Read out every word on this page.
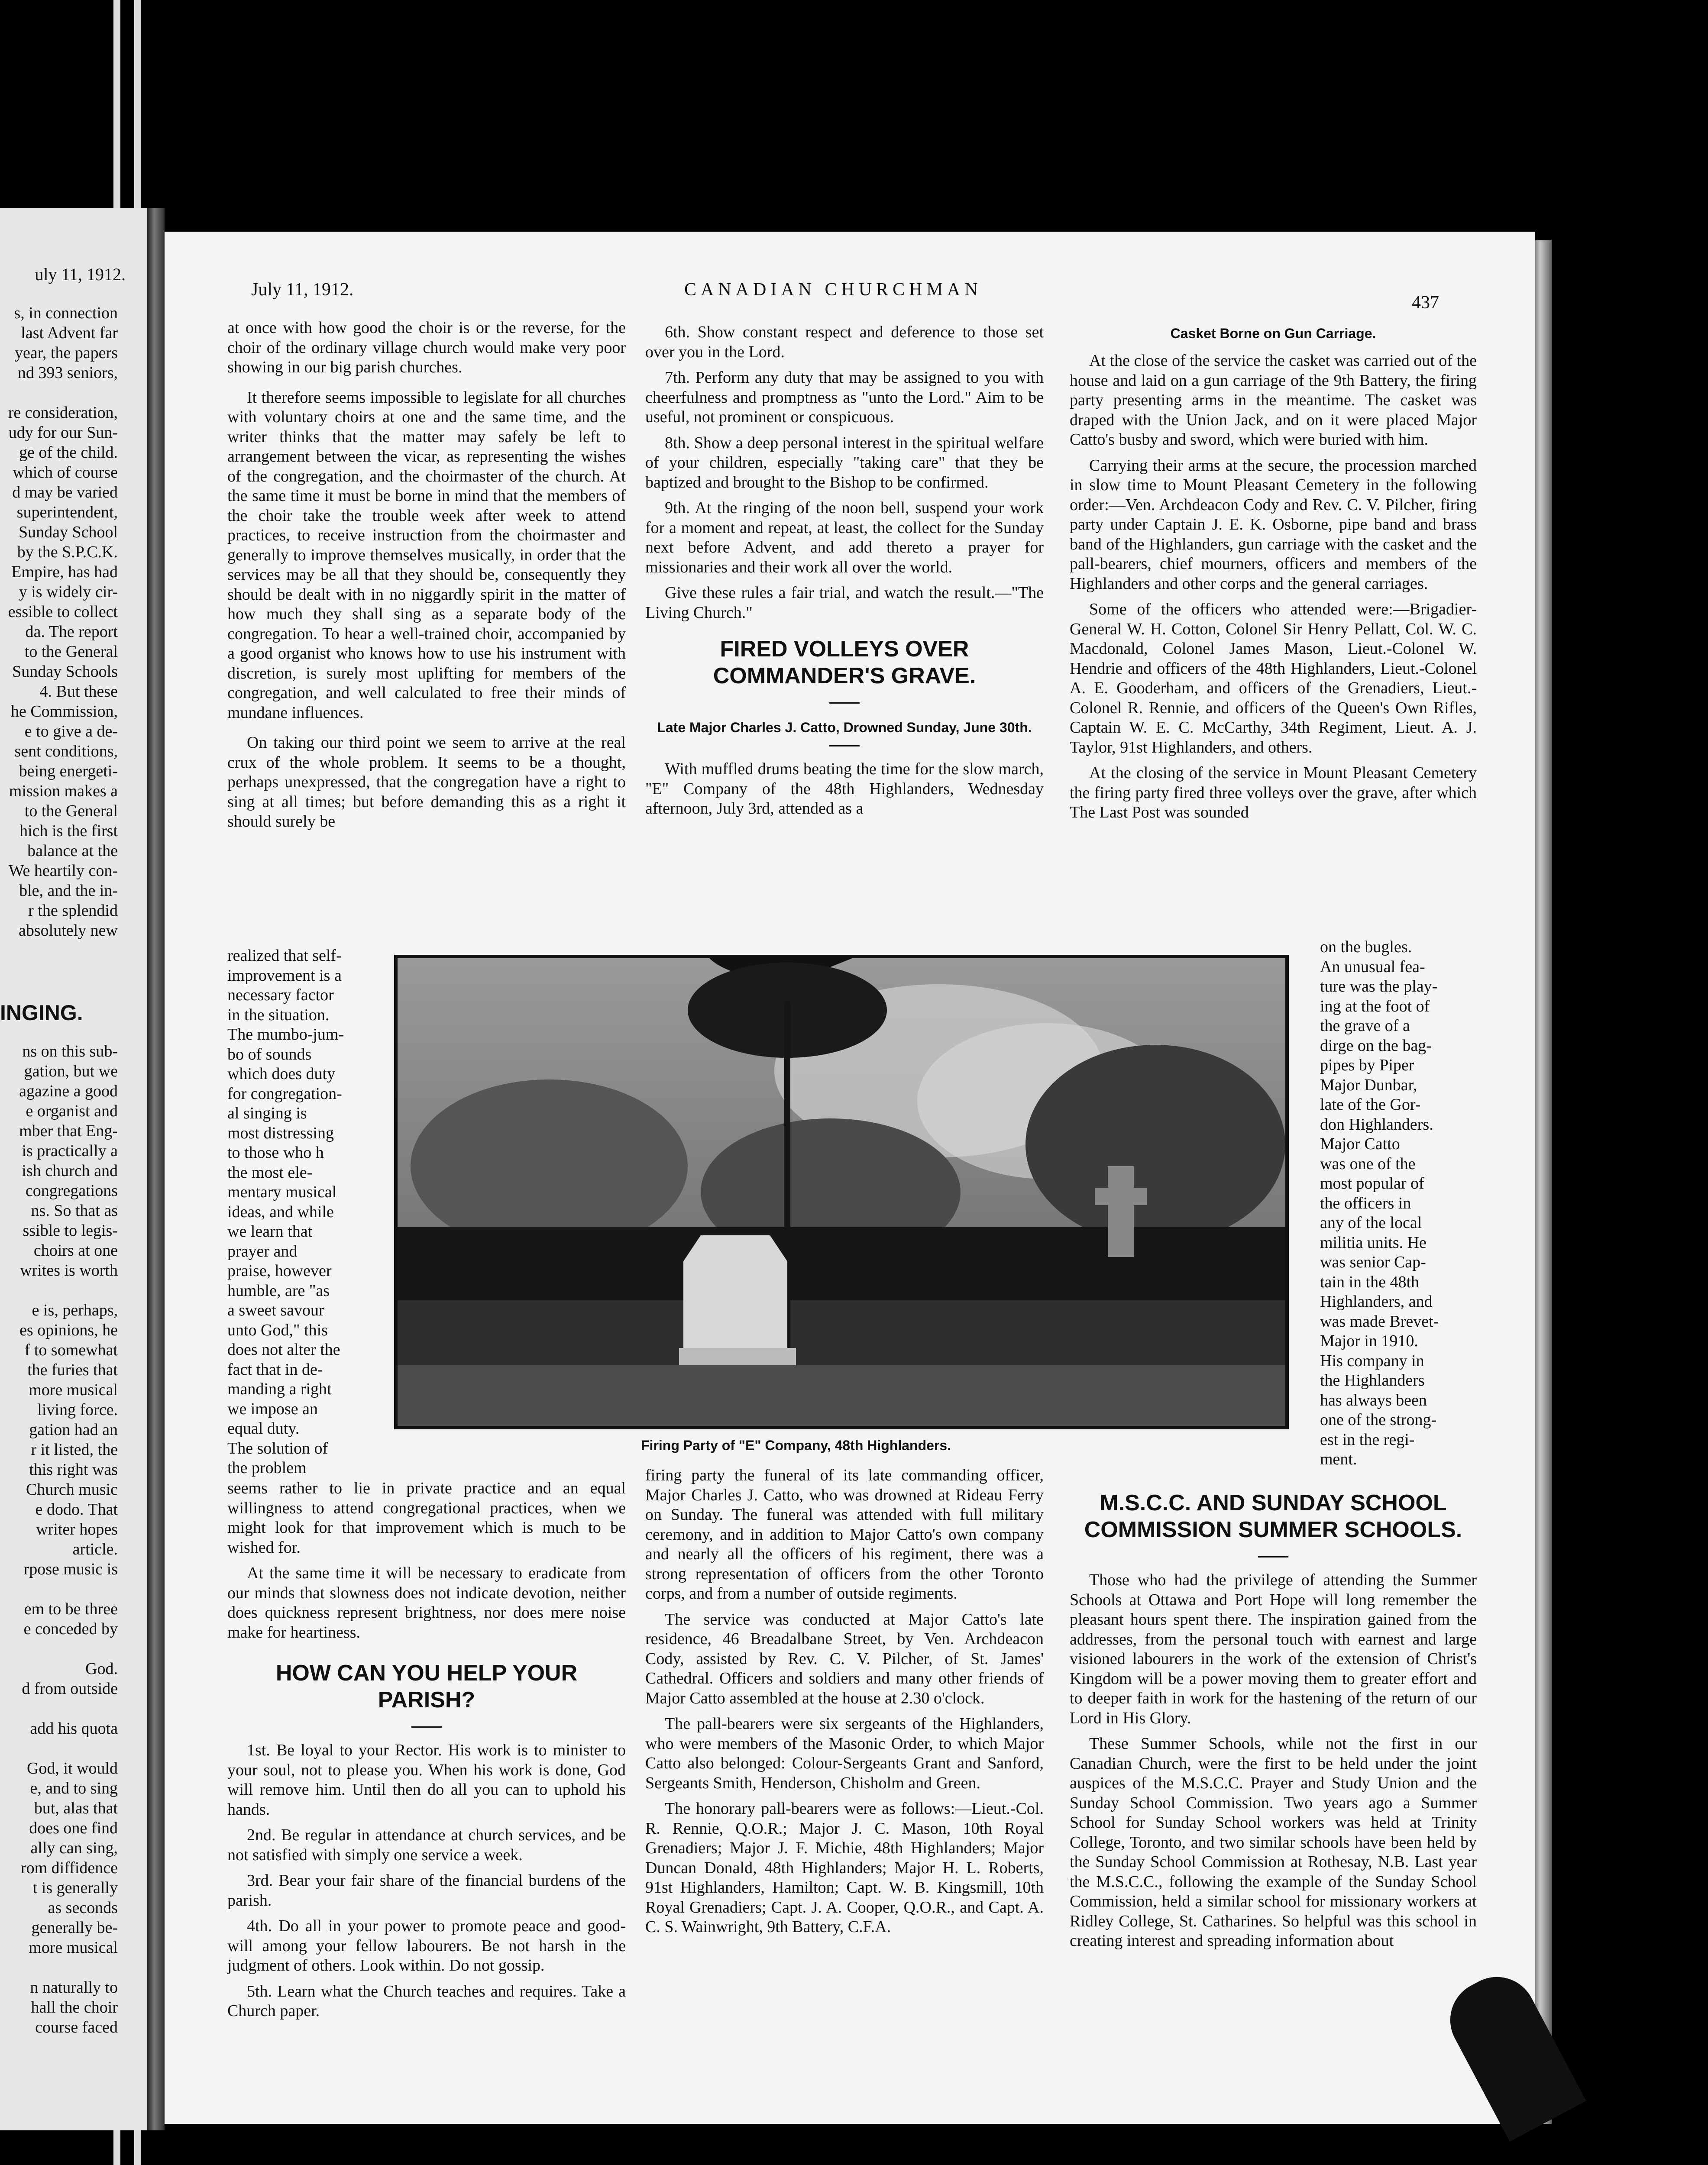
uly 11, 1912.
s, in connection
last Advent far
year, the papers
nd 393 seniors,
re consideration,
udy for our Sun-
ge of the child.
which of course
d may be varied
superintendent,
Sunday School
by the S.P.C.K.
Empire, has had
y is widely cir-
essible to collect
da. The report
to the General
Sunday Schools
4. But these
he Commission,
e to give a de-
sent conditions,
being energeti-
mission makes a
to the General
hich is the first
balance at the
We heartily con-
ble, and the in-
r the splendid
absolutely new
INGING.
ns on this sub-
gation, but we
agazine a good
e organist and
mber that Eng-
is practically a
ish church and
congregations
ns. So that as
ssible to legis-
choirs at one
writes is worth
e is, perhaps,
es opinions, he
f to somewhat
the furies that
more musical
living force.
gation had an
r it listed, the
this right was
Church music
e dodo. That
writer hopes
article.
rpose music is
em to be three
e conceded by
God.
d from outside
add his quota
God, it would
e, and to sing
but, alas that
does one find
ally can sing,
rom diffidence
t is generally
as seconds
generally be-
more musical
n naturally to
hall the choir
course faced
July 11, 1912.	CANADIAN CHURCHMAN
437

at once with how good the choir is or the reverse, for the choir of the ordinary village church would make very poor showing in our big parish churches.

It therefore seems impossible to legislate for all churches with voluntary choirs at one and the same time, and the writer thinks that the matter may safely be left to arrangement between the vicar, as representing the wishes of the congregation, and the choirmaster of the church. At the same time it must be borne in mind that the members of the choir take the trouble week after week to attend practices, to receive instruction from the choirmaster and generally to improve themselves musically, in order that the services may be all that they should be, consequently they should be dealt with in no niggardly spirit in the matter of how much they shall sing as a separate body of the congregation. To hear a well-trained choir, accompanied by a good organist who knows how to use his instrument with discretion, is surely most uplifting for members of the congregation, and well calculated to free their minds of mundane influences.

On taking our third point we seem to arrive at the real crux of the whole problem. It seems to be a thought, perhaps unexpressed, that the congregation have a right to sing at all times; but before demanding this as a right it should surely be

realized that self-
improvement is a
necessary factor
in the situation.
The mumbo-jum-
bo of sounds
which does duty
for congregation-
al singing is
most distressing
to those who h
the most ele-
mentary musical
ideas, and while
we learn that
prayer and
praise, however
humble, are "as
a sweet savour
unto God," this
does not alter the
fact that in de-
manding a right
we impose an
equal duty.
The solution of
the problem

seems rather to lie in private practice and an equal willingness to attend congregational practices, when we might look for that improvement which is much to be wished for.

At the same time it will be necessary to eradicate from our minds that slowness does not indicate devotion, neither does quickness represent brightness, nor does mere noise make for heartiness.

HOW CAN YOU HELP YOUR PARISH?

1st. Be loyal to your Rector. His work is to minister to your soul, not to please you. When his work is done, God will remove him. Until then do all you can to uphold his hands.

2nd. Be regular in attendance at church services, and be not satisfied with simply one service a week.

3rd. Bear your fair share of the financial burdens of the parish.

4th. Do all in your power to promote peace and good-will among your fellow labourers. Be not harsh in the judgment of others. Look within. Do not gossip.

5th. Learn what the Church teaches and requires. Take a Church paper.

6th. Show constant respect and deference to those set over you in the Lord.

7th. Perform any duty that may be assigned to you with cheerfulness and promptness as "unto the Lord." Aim to be useful, not prominent or conspicuous.

8th. Show a deep personal interest in the spiritual welfare of your children, especially "taking care" that they be baptized and brought to the Bishop to be confirmed.

9th. At the ringing of the noon bell, suspend your work for a moment and repeat, at least, the collect for the Sunday next before Advent, and add thereto a prayer for missionaries and their work all over the world.

Give these rules a fair trial, and watch the result.—"The Living Church."

FIRED VOLLEYS OVER COMMANDER'S GRAVE.
Late Major Charles J. Catto, Drowned Sunday, June 30th.

With muffled drums beating the time for the slow march, "E" Company of the 48th Highlanders, Wednesday afternoon, July 3rd, attended as a

firing party the funeral of its late commanding officer, Major Charles J. Catto, who was drowned at Rideau Ferry on Sunday. The funeral was attended with full military ceremony, and in addition to Major Catto's own company and nearly all the officers of his regiment, there was a strong representation of officers from the other Toronto corps, and from a number of outside regiments.

The service was conducted at Major Catto's late residence, 46 Breadalbane Street, by Ven. Archdeacon Cody, assisted by Rev. C. V. Pilcher, of St. James' Cathedral. Officers and soldiers and many other friends of Major Catto assembled at the house at 2.30 o'clock.

The pall-bearers were six sergeants of the Highlanders, who were members of the Masonic Order, to which Major Catto also belonged: Colour-Sergeants Grant and Sanford, Sergeants Smith, Henderson, Chisholm and Green.

The honorary pall-bearers were as follows:—Lieut.-Col. R. Rennie, Q.O.R.; Major J. C. Mason, 10th Royal Grenadiers; Major J. F. Michie, 48th Highlanders; Major Duncan Donald, 48th Highlanders; Major H. L. Roberts, 91st Highlanders, Hamilton; Capt. W. B. Kingsmill, 10th Royal Grenadiers; Capt. J. A. Cooper, Q.O.R., and Capt. A. C. S. Wainwright, 9th Battery, C.F.A.

Casket Borne on Gun Carriage.

At the close of the service the casket was carried out of the house and laid on a gun carriage of the 9th Battery, the firing party presenting arms in the meantime. The casket was draped with the Union Jack, and on it were placed Major Catto's busby and sword, which were buried with him.

Carrying their arms at the secure, the procession marched in slow time to Mount Pleasant Cemetery in the following order:—Ven. Archdeacon Cody and Rev. C. V. Pilcher, firing party under Captain J. E. K. Osborne, pipe band and brass band of the Highlanders, gun carriage with the casket and the pall-bearers, chief mourners, officers and members of the Highlanders and other corps and the general carriages.

Some of the officers who attended were:—Brigadier-General W. H. Cotton, Colonel Sir Henry Pellatt, Col. W. C. Macdonald, Colonel James Mason, Lieut.-Colonel W. Hendrie and officers of the 48th Highlanders, Lieut.-Colonel A. E. Gooderham, and officers of the Grenadiers, Lieut.-Colonel R. Rennie, and officers of the Queen's Own Rifles, Captain W. E. C. McCarthy, 34th Regiment, Lieut. A. J. Taylor, 91st Highlanders, and others.

At the closing of the service in Mount Pleasant Cemetery the firing party fired three volleys over the grave, after which The Last Post was sounded

on the bugles.
An unusual fea-
ture was the play-
ing at the foot of
the grave of a
dirge on the bag-
pipes by Piper
Major Dunbar,
late of the Gor-
don Highlanders.
Major Catto
was one of the
most popular of
the officers in
any of the local
militia units. He
was senior Cap-
tain in the 48th
Highlanders, and
was made Brevet-
Major in 1910.
His company in
the Highlanders
has always been
one of the strong-
est in the regi-
ment.
M.S.C.C. AND SUNDAY SCHOOL COMMISSION SUMMER SCHOOLS.

Those who had the privilege of attending the Summer Schools at Ottawa and Port Hope will long remember the pleasant hours spent there. The inspiration gained from the addresses, from the personal touch with earnest and large visioned labourers in the work of the extension of Christ's Kingdom will be a power moving them to greater effort and to deeper faith in work for the hastening of the return of our Lord in His Glory.

These Summer Schools, while not the first in our Canadian Church, were the first to be held under the joint auspices of the M.S.C.C. Prayer and Study Union and the Sunday School Commission. Two years ago a Summer School for Sunday School workers was held at Trinity College, Toronto, and two similar schools have been held by the Sunday School Commission at Rothesay, N.B. Last year the M.S.C.C., following the example of the Sunday School Commission, held a similar school for missionary workers at Ridley College, St. Catharines. So helpful was this school in creating interest and spreading information about

Firing Party of "E" Company, 48th Highlanders.
